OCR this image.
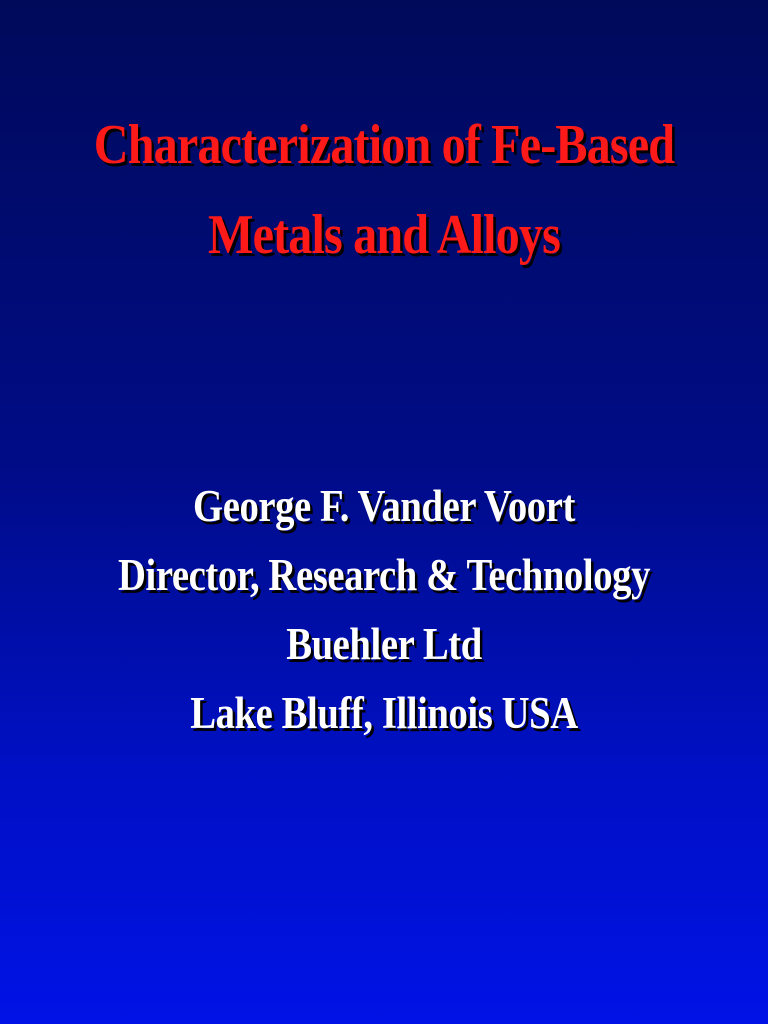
Characterization of Fe-Based
Metals and Alloys
George F. Vander Voort
Director, Research & Technology
Buehler Ltd
Lake Bluff, Illinois USA
